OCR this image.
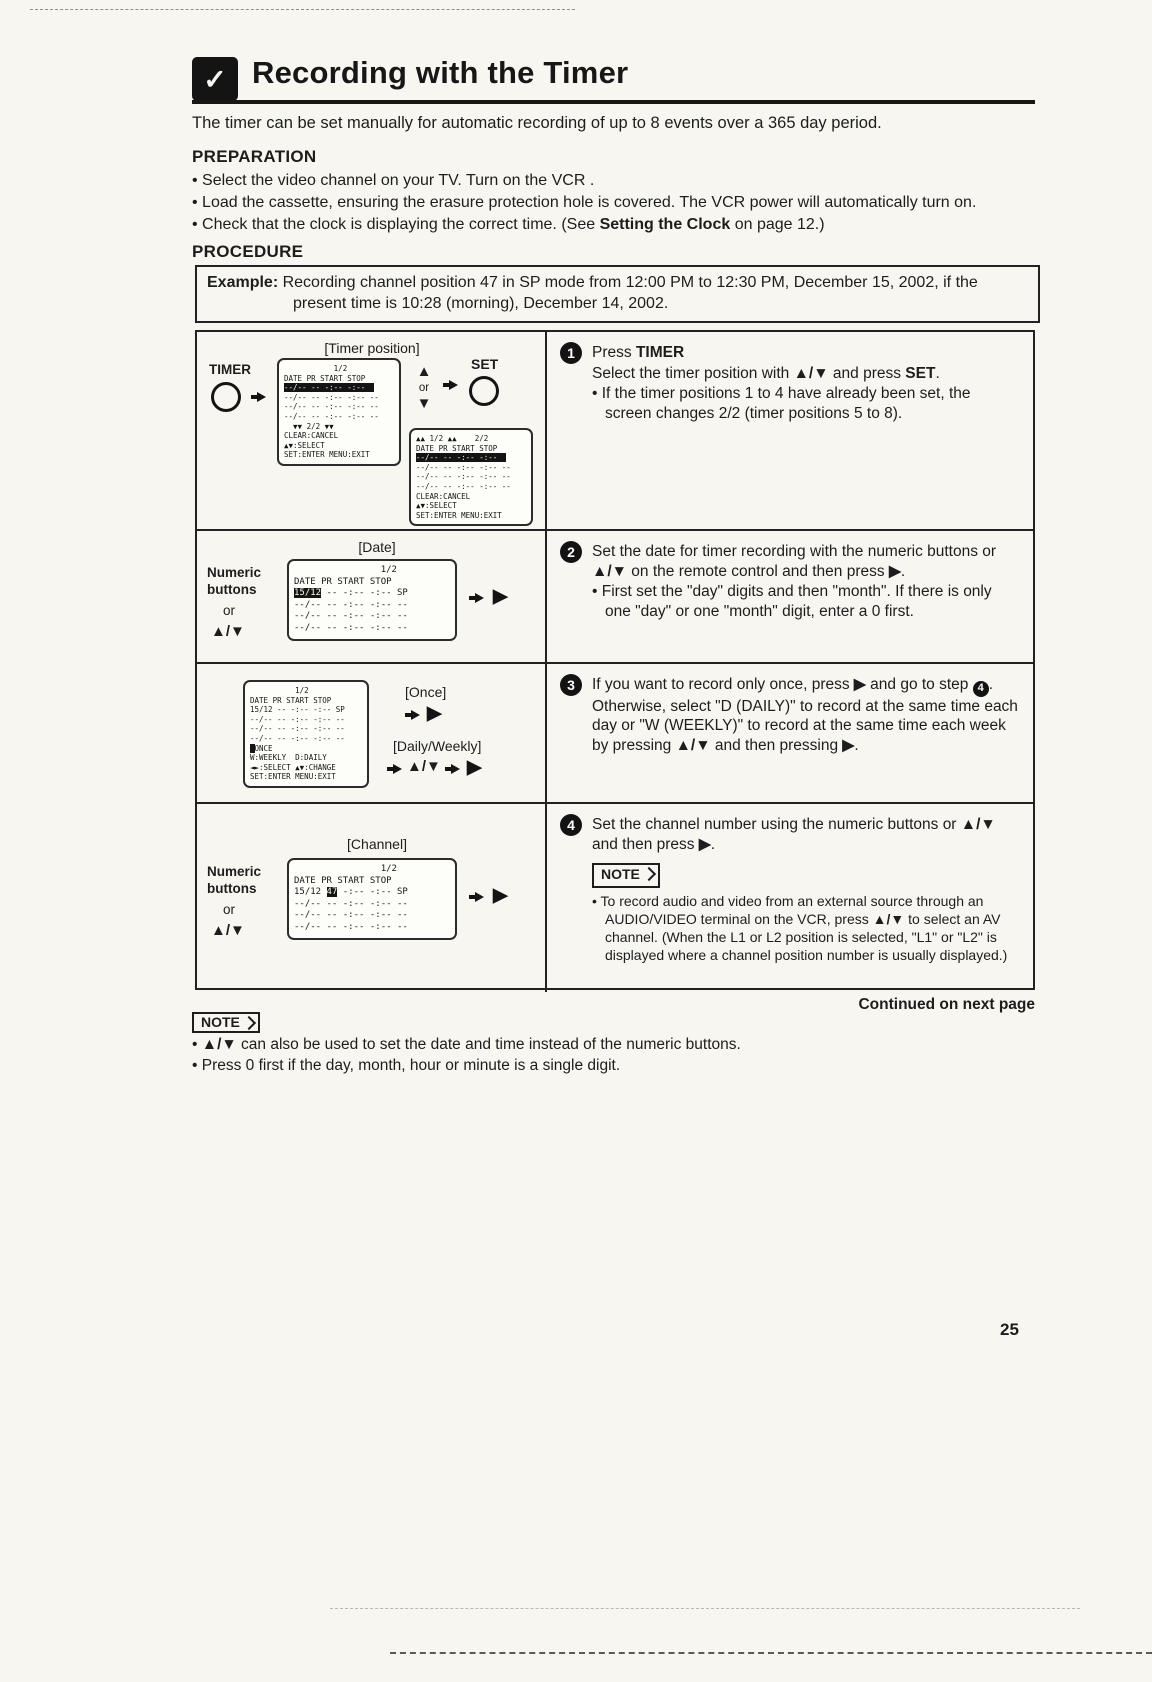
✓ Recording with the Timer
The timer can be set manually for automatic recording of up to 8 events over a 365 day period.
PREPARATION
• Select the video channel on your TV. Turn on the VCR .
• Load the cassette, ensuring the erasure protection hole is covered. The VCR power will automatically turn on.
• Check that the clock is displaying the correct time. (See Setting the Clock on page 12.)
PROCEDURE
Example: Recording channel position 47 in SP mode from 12:00 PM to 12:30 PM, December 15, 2002, if the present time is 10:28 (morning), December 14, 2002.
[Timer position]
TIMER	1/2
DATE PR START STOP
--/-- -- -:-- -:--
--/-- -- -:-- -:-- --
--/-- -- -:-- -:-- --
--/-- -- -:-- -:-- --
▼▼ 2/2 ▼▼
CLEAR:CANCEL
▲▼:SELECT
SET:ENTER MENU:EXIT
▲
or
▼
SET
▲▲ 1/2 ▲▲    2/2
DATE PR START STOP
--/-- -- -:-- -:--
--/-- -- -:-- -:-- --
--/-- -- -:-- -:-- --
--/-- -- -:-- -:-- --
CLEAR:CANCEL
▲▼:SELECT
SET:ENTER MENU:EXIT
1	Press TIMER
Select the timer position with ▲/▼ and press SET.
• If the timer positions 1 to 4 have already been set, the screen changes 2/2 (timer positions 5 to 8).
[Date]
Numeric
buttons
or
▲/▼
1/2
DATE PR START STOP
15/12 -- -:-- -:-- SP
--/-- -- -:-- -:-- --
--/-- -- -:-- -:-- --
--/-- -- -:-- -:-- --
▶
2	Set the date for timer recording with the numeric buttons or ▲/▼ on the remote control and then press ▶.
• First set the "day" digits and then "month". If there is only one "day" or one "month" digit, enter a 0 first.
1/2
DATE PR START STOP
15/12 -- -:-- -:-- SP
--/-- -- -:-- -:-- --
--/-- -- -:-- -:-- --
--/-- -- -:-- -:-- --
ONCE
W:WEEKLY  D:DAILY
◄►:SELECT ▲▼:CHANGE
SET:ENTER MENU:EXIT
[Once]
▶
[Daily/Weekly]
▲/▼ ▶
3	If you want to record only once, press ▶ and go to step 4 . Otherwise, select "D (DAILY)" to record at the same time each day or "W (WEEKLY)" to record at the same time each week by pressing ▲/▼ and then pressing ▶.
[Channel]
Numeric
buttons
or
▲/▼
1/2
DATE PR START STOP
15/12 47 -:-- -:-- SP
--/-- -- -:-- -:-- --
--/-- -- -:-- -:-- --
--/-- -- -:-- -:-- --
▶
4	Set the channel number using the numeric buttons or ▲/▼ and then press ▶.
NOTE
• To record audio and video from an external source through an AUDIO/VIDEO terminal on the VCR, press ▲/▼ to select an AV channel. (When the L1 or L2 position is selected, "L1" or "L2" is displayed where a channel position number is usually displayed.)
Continued on next page
NOTE
• ▲/▼ can also be used to set the date and time instead of the numeric buttons.
• Press 0 first if the day, month, hour or minute is a single digit.
25
